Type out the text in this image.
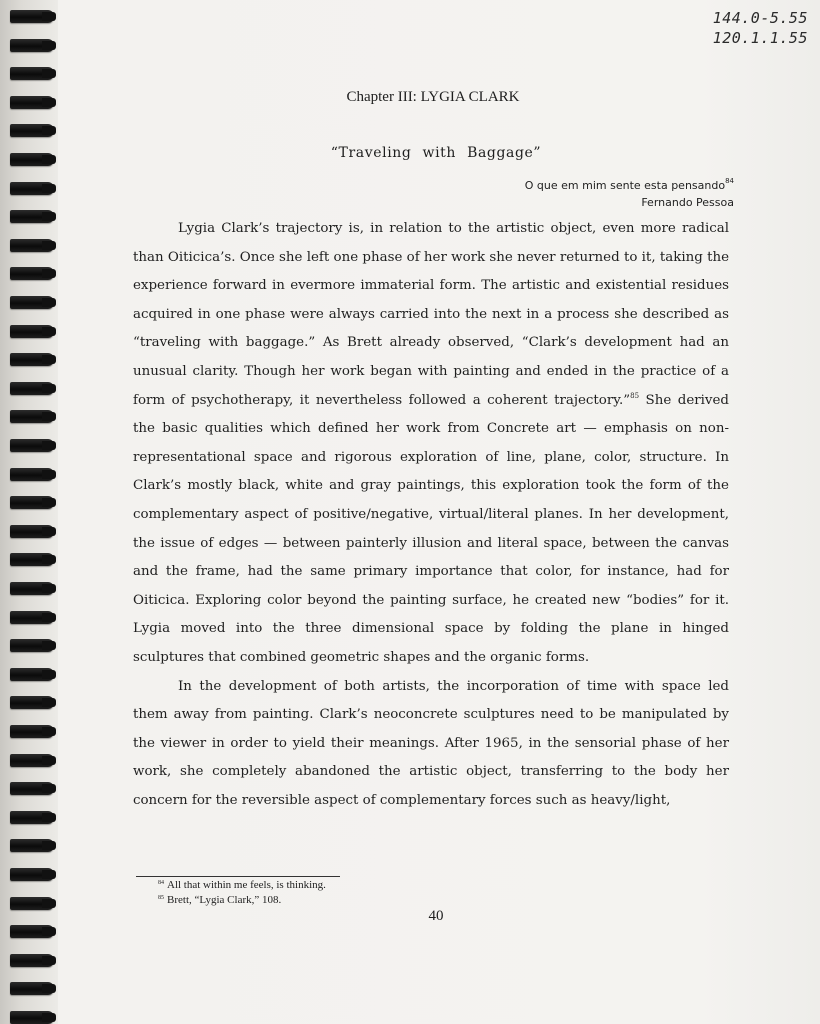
144.0-5.55
120.1.1.55
Chapter III: LYGIA CLARK
“Traveling with Baggage”
O que em mim sente esta pensando$^{84}$
Fernando Pessoa

Lygia Clark’s trajectory is, in relation to the artistic object, even more radical than Oiticica’s. Once she left one phase of her work she never returned to it, taking the experience forward in evermore immaterial form. The artistic and existential residues acquired in one phase were always carried into the next in a process she described as “traveling with baggage.” As Brett already observed, “Clark’s development had an unusual clarity. Though her work began with painting and ended in the practice of a form of psychotherapy, it nevertheless followed a coherent trajectory.”$^{85}$ She derived the basic qualities which defined her work from Concrete art — emphasis on non-representational space and rigorous exploration of line, plane, color, structure. In Clark’s mostly black, white and gray paintings, this exploration took the form of the complementary aspect of positive/negative, virtual/literal planes. In her development, the issue of edges — between painterly illusion and literal space, between the canvas and the frame, had the same primary importance that color, for instance, had for Oiticica. Exploring color beyond the painting surface, he created new “bodies” for it. Lygia moved into the three dimensional space by folding the plane in hinged sculptures that combined geometric shapes and the organic forms.

In the development of both artists, the incorporation of time with space led them away from painting. Clark’s neoconcrete sculptures need to be manipulated by the viewer in order to yield their meanings. After 1965, in the sensorial phase of her work, she completely abandoned the artistic object, transferring to the body her concern for the reversible aspect of complementary forces such as heavy/light,

$^{84}$ All that within me feels, is thinking.
$^{85}$ Brett, “Lygia Clark,” 108.
40
